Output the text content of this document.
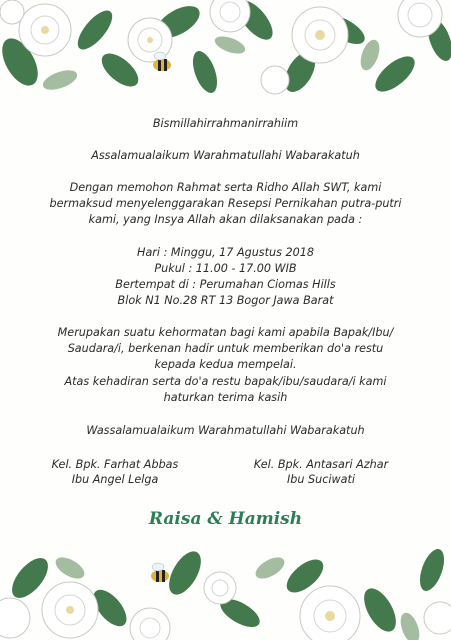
Bismillahirrahmanirrahiim
Assalamualaikum Warahmatullahi Wabarakatuh
Dengan memohon Rahmat serta Ridho Allah SWT, kami
bermaksud menyelenggarakan Resepsi Pernikahan putra-putri
kami, yang Insya Allah akan dilaksanakan pada :
Hari : Minggu, 17 Agustus 2018
Pukul : 11.00 - 17.00 WIB
Bertempat di : Perumahan Ciomas Hills
Blok N1 No.28 RT 13 Bogor Jawa Barat
Merupakan suatu kehormatan bagi kami apabila Bapak/Ibu/
Saudara/i, berkenan hadir untuk memberikan do'a restu
kepada kedua mempelai.
Atas kehadiran serta do'a restu bapak/ibu/saudara/i kami
haturkan terima kasih
Wassalamualaikum Warahmatullahi Wabarakatuh
Kel. Bpk. Farhat Abbas
Ibu Angel Lelga
Kel. Bpk. Antasari Azhar
Ibu Suciwati
Raisa & Hamish
